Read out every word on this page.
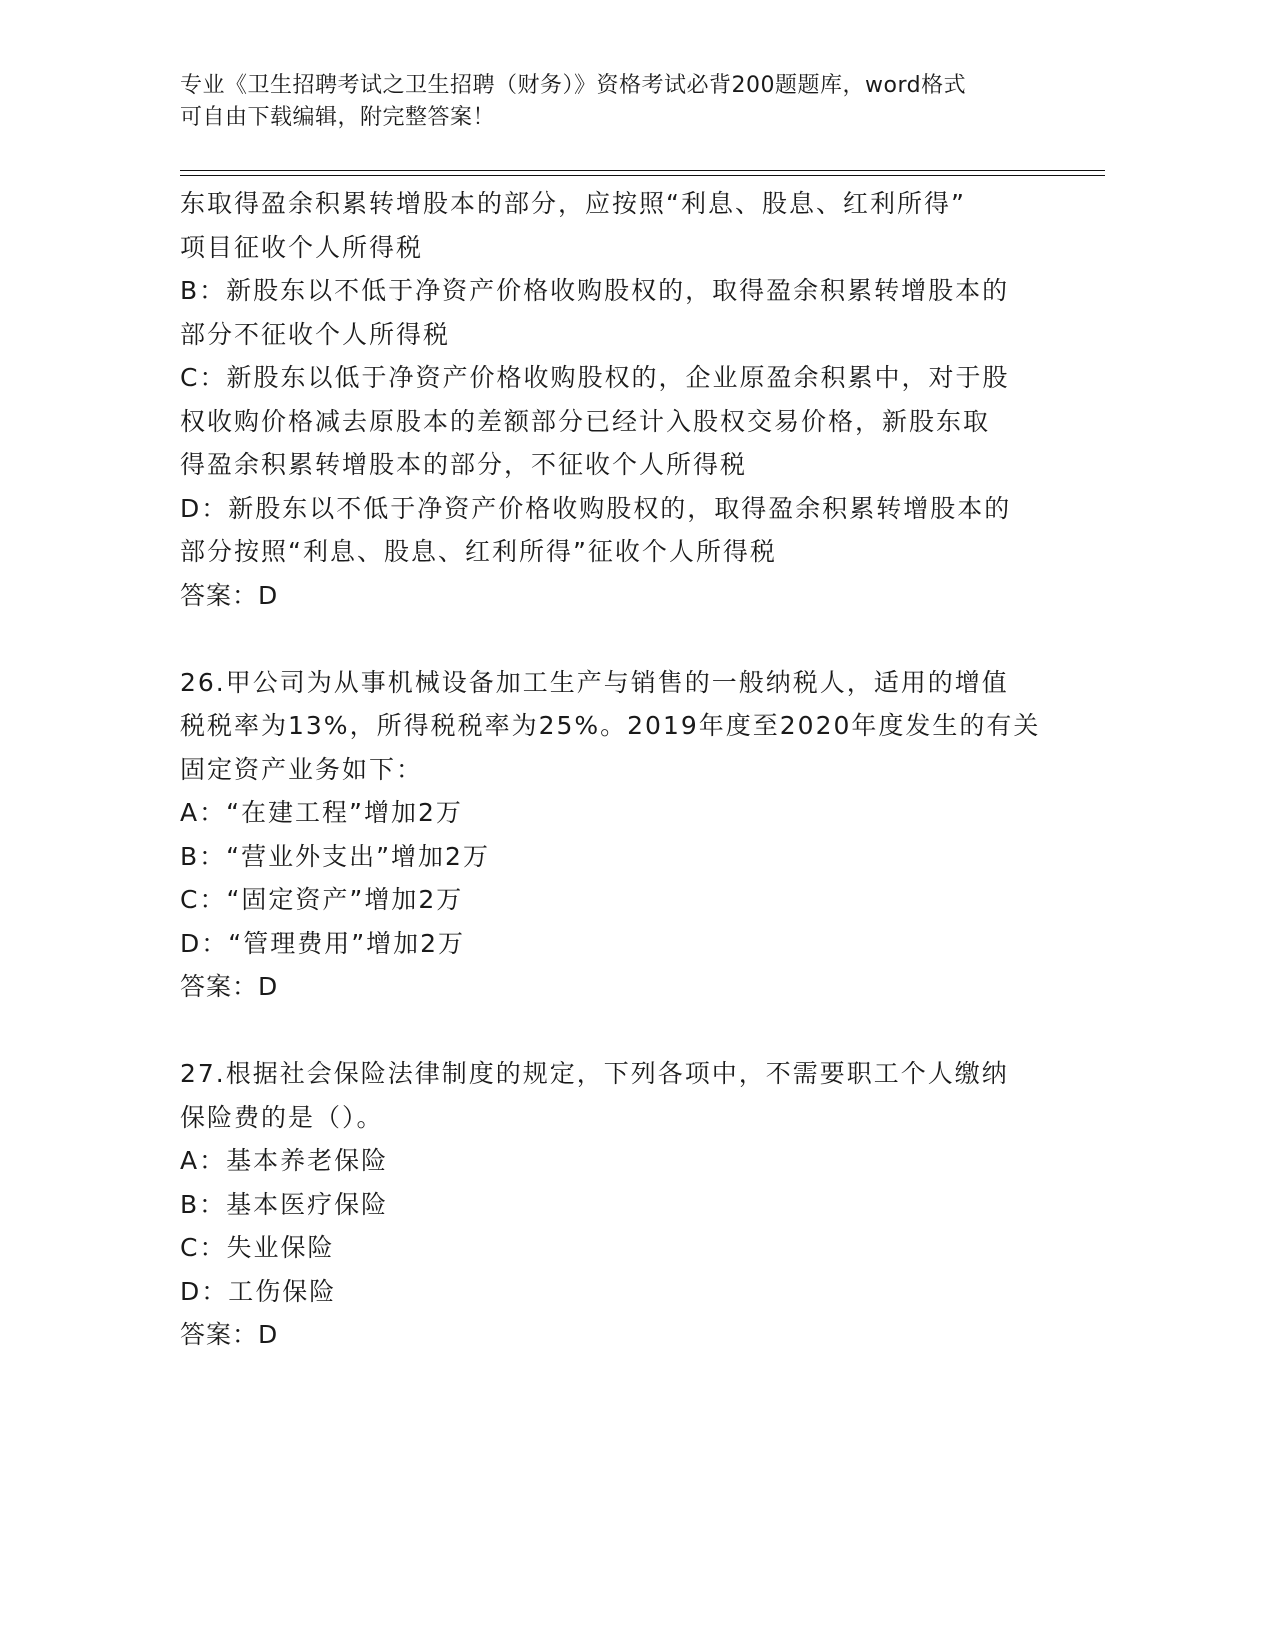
专业《卫生招聘考试之卫生招聘（财务）》资格考试必背200题题库，word格式
可自由下载编辑，附完整答案！
东取得盈余积累转增股本的部分，应按照“利息、股息、红利所得”
项目征收个人所得税
B：新股东以不低于净资产价格收购股权的，取得盈余积累转增股本的
部分不征收个人所得税
C：新股东以低于净资产价格收购股权的，企业原盈余积累中，对于股
权收购价格减去原股本的差额部分已经计入股权交易价格，新股东取
得盈余积累转增股本的部分，不征收个人所得税
D：新股东以不低于净资产价格收购股权的，取得盈余积累转增股本的
部分按照“利息、股息、红利所得”征收个人所得税
答案：D
26.甲公司为从事机械设备加工生产与销售的一般纳税人，适用的增值
税税率为13%，所得税税率为25%。2019年度至2020年度发生的有关
固定资产业务如下：
A：“在建工程”增加2万
B：“营业外支出”增加2万
C：“固定资产”增加2万
D：“管理费用”增加2万
答案：D
27.根据社会保险法律制度的规定，下列各项中，不需要职工个人缴纳
保险费的是（）。
A：基本养老保险
B：基本医疗保险
C：失业保险
D：工伤保险
答案：D
